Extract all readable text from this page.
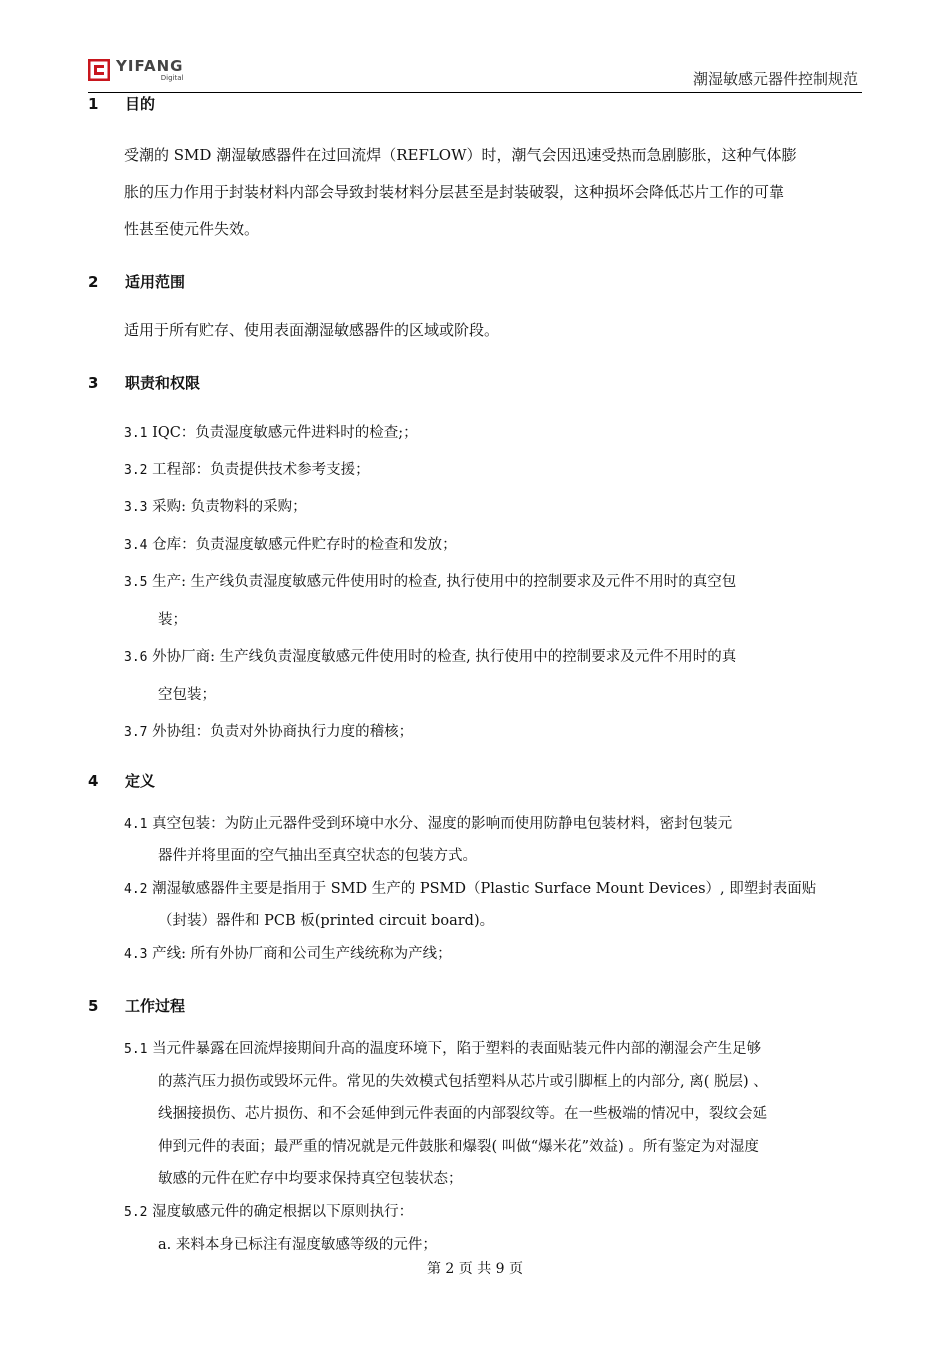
YIFANG
Digital	潮湿敏感元器件控制规范
1 目的
受潮的 SMD 潮湿敏感器件在过回流焊（REFLOW）时，潮气会因迅速受热而急剧膨胀，这种气体膨
胀的压力作用于封装材料内部会导致封装材料分层甚至是封装破裂，这种损坏会降低芯片工作的可靠
性甚至使元件失效。
2 适用范围
适用于所有贮存、使用表面潮湿敏感器件的区域或阶段。
3 职责和权限
3.1 IQC：负责湿度敏感元件进料时的检查;；
3.2 工程部：负责提供技术参考支援；
3.3 采购: 负责物料的采购；
3.4 仓库：负责湿度敏感元件贮存时的检查和发放；
3.5 生产: 生产线负责湿度敏感元件使用时的检查, 执行使用中的控制要求及元件不用时的真空包
装；
3.6 外协厂商: 生产线负责湿度敏感元件使用时的检查, 执行使用中的控制要求及元件不用时的真
空包装；
3.7 外协组：负责对外协商执行力度的稽核；
4 定义
4.1 真空包装：为防止元器件受到环境中水分、湿度的影响而使用防静电包装材料，密封包装元
器件并将里面的空气抽出至真空状态的包装方式。
4.2 潮湿敏感器件主要是指用于 SMD 生产的 PSMD（Plastic Surface Mount Devices）, 即塑封表面贴
（封装）器件和 PCB 板(printed circuit board)。
4.3 产线: 所有外协厂商和公司生产线统称为产线；
5 工作过程
5.1 当元件暴露在回流焊接期间升高的温度环境下，陷于塑料的表面贴装元件内部的潮湿会产生足够
的蒸汽压力损伤或毁坏元件。常见的失效模式包括塑料从芯片或引脚框上的内部分, 离( 脱层) 、
线捆接损伤、芯片损伤、和不会延伸到元件表面的内部裂纹等。在一些极端的情况中，裂纹会延
伸到元件的表面；最严重的情况就是元件鼓胀和爆裂( 叫做“爆米花”效益) 。所有鉴定为对湿度
敏感的元件在贮存中均要求保持真空包装状态；
5.2 湿度敏感元件的确定根据以下原则执行：
a. 来料本身已标注有湿度敏感等级的元件；
第 2 页 共 9 页
